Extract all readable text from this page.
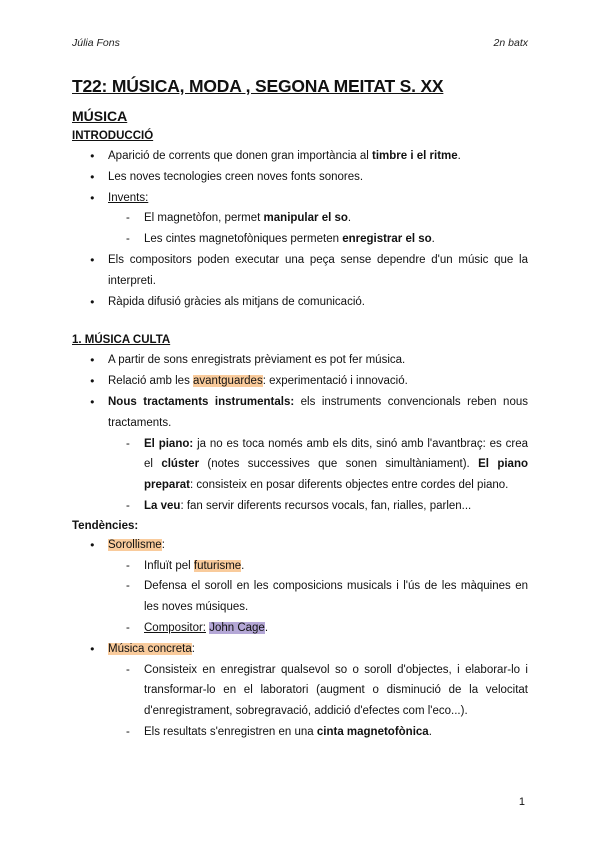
Júlia Fons	2n batx
T22: MÚSICA, MODA , SEGONA MEITAT S. XX
MÚSICA
INTRODUCCIÓ
● Aparició de corrents que donen gran importància al timbre i el ritme.
● Les noves tecnologies creen noves fonts sonores.
● Invents:
- El magnetòfon, permet manipular el so.
- Les cintes magnetofòniques permeten enregistrar el so.
● Els compositors poden executar una peça sense dependre d'un músic que la interpreti.
● Ràpida difusió gràcies als mitjans de comunicació.
1. MÚSICA CULTA
● A partir de sons enregistrats prèviament es pot fer música.
● Relació amb les avantguardes: experimentació i innovació.
● Nous tractaments instrumentals: els instruments convencionals reben nous tractaments.
- El piano: ja no es toca només amb els dits, sinó amb l'avantbraç: es crea el clúster (notes successives que sonen simultàniament). El piano preparat: consisteix en posar diferents objectes entre cordes del piano.
- La veu: fan servir diferents recursos vocals, fan, rialles, parlen...
Tendències:
● Sorollisme:
- Influït pel futurisme.
- Defensa el soroll en les composicions musicals i l'ús de les màquines en les noves músiques.
- Compositor: John Cage.
● Música concreta:
- Consisteix en enregistrar qualsevol so o soroll d'objectes, i elaborar-lo i transformar-lo en el laboratori (augment o disminució de la velocitat d'enregistrament, sobregravació, addició d'efectes com l'eco...).
- Els resultats s'enregistren en una cinta magnetofònica.
1
